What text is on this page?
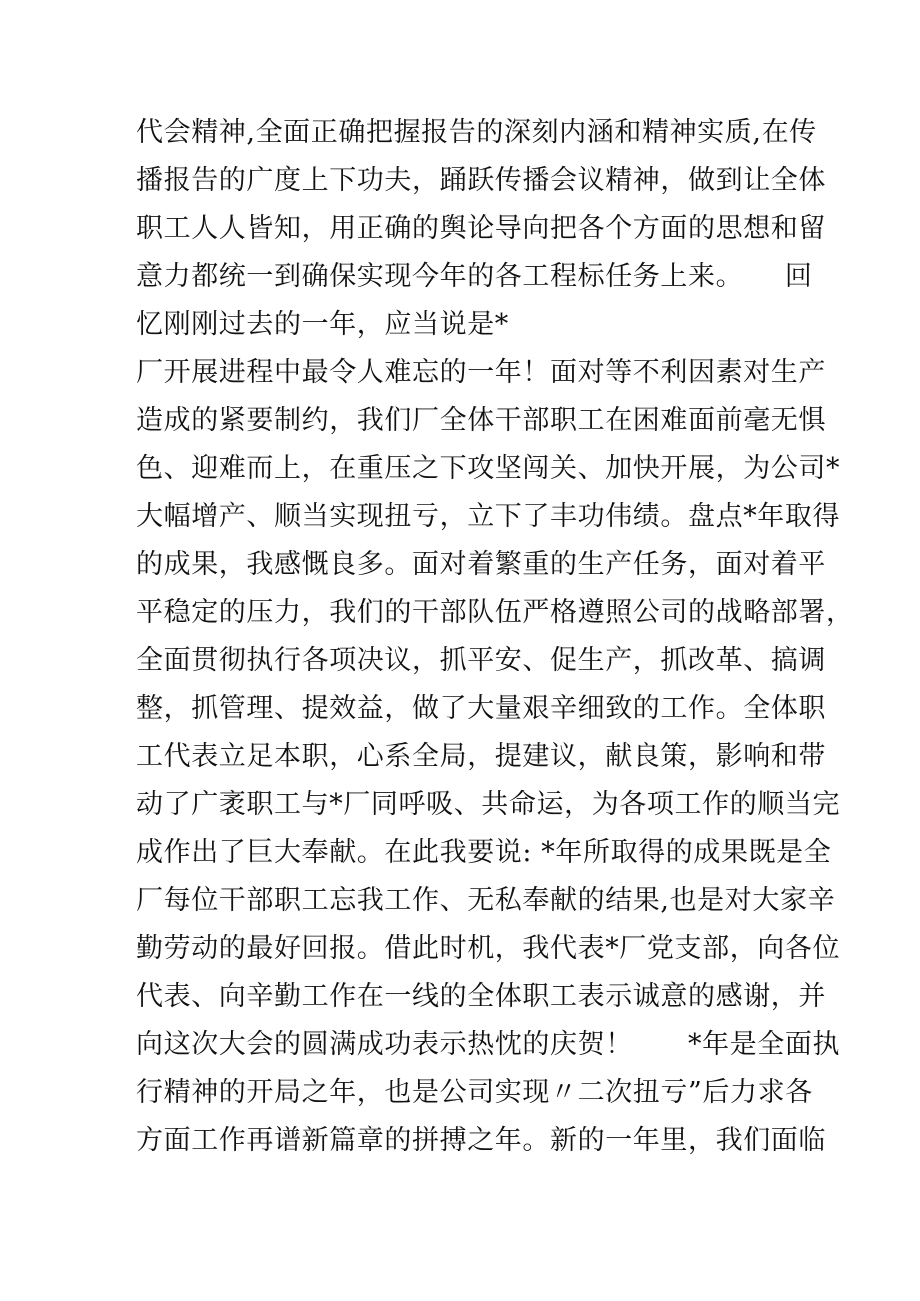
代会精神,全面正确把握报告的深刻内涵和精神实质,在传
播报告的广度上下功夫，踊跃传播会议精神，做到让全体
职工人人皆知，用正确的舆论导向把各个方面的思想和留
意力都统一到确保实现今年的各工程标任务上来。　　回
忆刚刚过去的一年，应当说是*
厂开展进程中最令人难忘的一年！面对等不利因素对生产
造成的紧要制约，我们厂全体干部职工在困难面前毫无惧
色、迎难而上，在重压之下攻坚闯关、加快开展，为公司*
大幅增产、顺当实现扭亏，立下了丰功伟绩。盘点*年取得
的成果，我感慨良多。面对着繁重的生产任务，面对着平
平稳定的压力，我们的干部队伍严格遵照公司的战略部署，
全面贯彻执行各项决议，抓平安、促生产，抓改革、搞调
整，抓管理、提效益，做了大量艰辛细致的工作。全体职
工代表立足本职，心系全局，提建议，献良策，影响和带
动了广袤职工与*厂同呼吸、共命运，为各项工作的顺当完
成作出了巨大奉献。在此我要说: *年所取得的成果既是全
厂每位干部职工忘我工作、无私奉献的结果,也是对大家辛
勤劳动的最好回报。借此时机，我代表*厂党支部，向各位
代表、向辛勤工作在一线的全体职工表示诚意的感谢，并
向这次大会的圆满成功表示热忱的庆贺！　　*年是全面执
行精神的开局之年，也是公司实现〃二次扭亏”后力求各
方面工作再谱新篇章的拼搏之年。新的一年里，我们面临
